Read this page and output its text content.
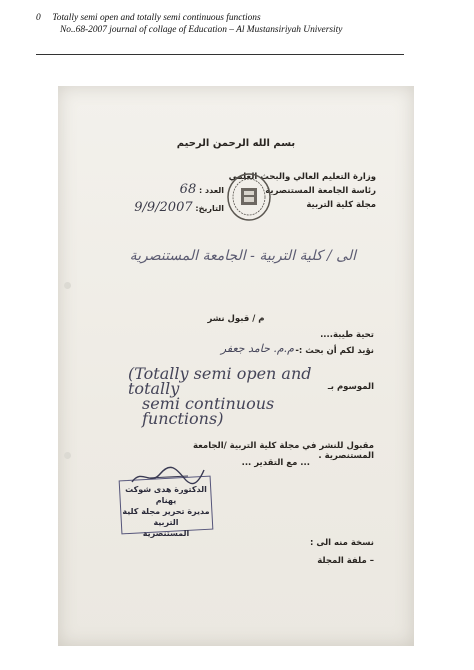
0 Totally semi open and totally semi continuous functions
No..68-2007 journal of collage of Education – Al Mustansiriyah University
بسم الله الرحمن الرحيم
وزارة التعليم العالي والبحث العلمي
رئاسة الجامعة المستنصرية
مجلة كلية التربية
العدد : 68
التاريخ: 9/9/2007
الى / كلية التربية - الجامعة المستنصرية
م / قبول نشر
تحية طيبة....
نؤيد لكم أن بحث :-
م.م. حامد جعفر
الموسوم بـ
(Totally semi open and totally
semi continuous functions)
مقبول للنشر في مجلة كلية التربية /الجامعة المستنصرية .
... مع التقدير ...
الدكتورة هدى شوكت يهنام
مديرة تحرير مجلة كلية التربية
المستنصرية
نسخة منه الى :
– ملفة المجلة
